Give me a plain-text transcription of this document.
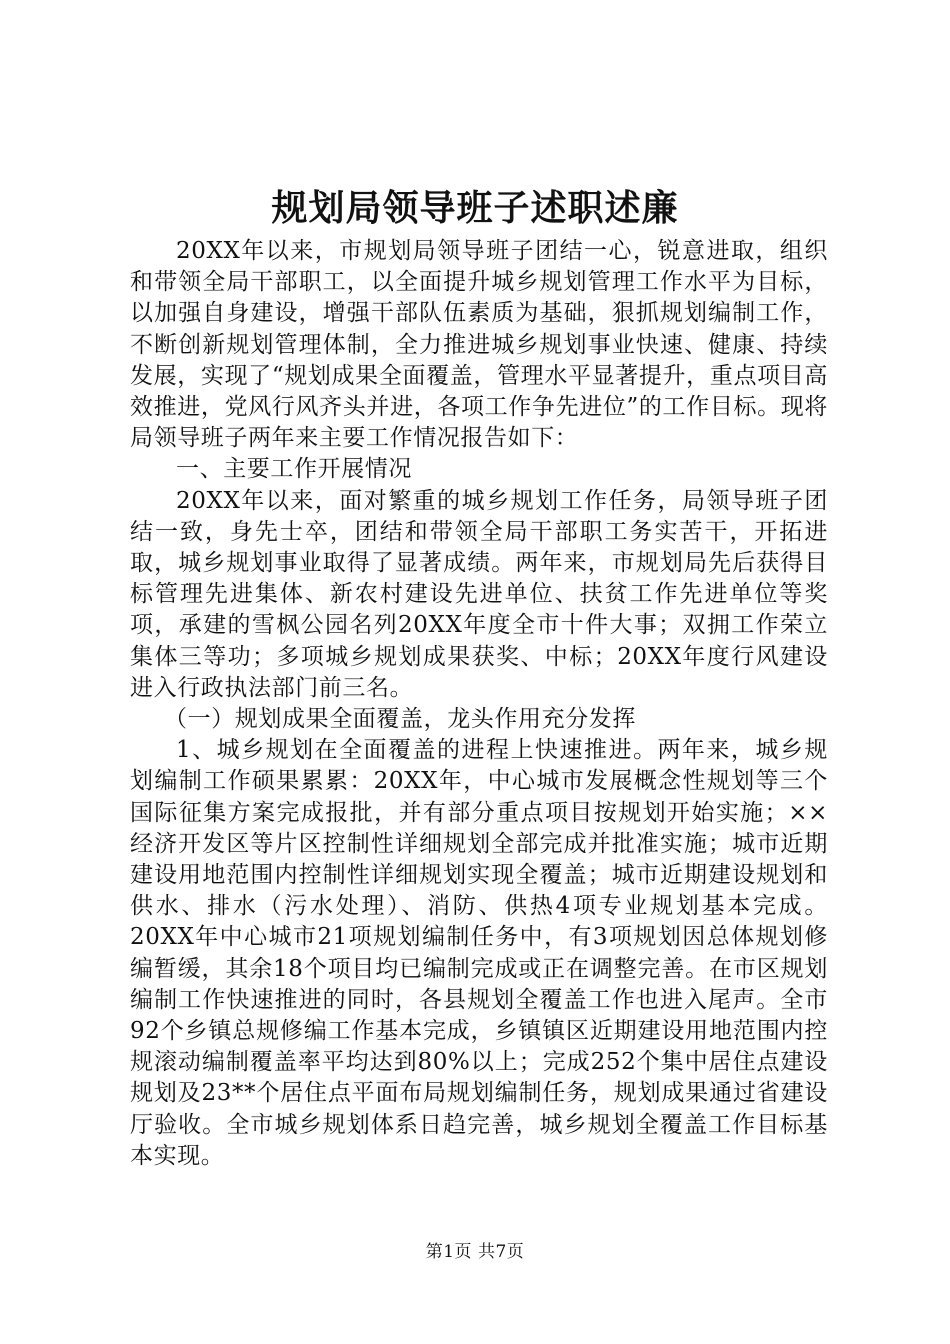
规划局领导班子述职述廉

20XX年以来，市规划局领导班子团结一心，锐意进取，组织和带领全局干部职工，以全面提升城乡规划管理工作水平为目标，以加强自身建设，增强干部队伍素质为基础，狠抓规划编制工作，不断创新规划管理体制，全力推进城乡规划事业快速、健康、持续发展，实现了“规划成果全面覆盖，管理水平显著提升，重点项目高效推进，党风行风齐头并进，各项工作争先进位”的工作目标。现将局领导班子两年来主要工作情况报告如下：

一、主要工作开展情况

20XX年以来，面对繁重的城乡规划工作任务，局领导班子团结一致，身先士卒，团结和带领全局干部职工务实苦干，开拓进取，城乡规划事业取得了显著成绩。两年来，市规划局先后获得目标管理先进集体、新农村建设先进单位、扶贫工作先进单位等奖项，承建的雪枫公园名列20XX年度全市十件大事；双拥工作荣立集体三等功；多项城乡规划成果获奖、中标；20XX年度行风建设进入行政执法部门前三名。

（一）规划成果全面覆盖，龙头作用充分发挥

1、城乡规划在全面覆盖的进程上快速推进。两年来，城乡规划编制工作硕果累累：20XX年，中心城市发展概念性规划等三个国际征集方案完成报批，并有部分重点项目按规划开始实施；××经济开发区等片区控制性详细规划全部完成并批准实施；城市近期建设用地范围内控制性详细规划实现全覆盖；城市近期建设规划和供水、排水（污水处理）、消防、供热4项专业规划基本完成。20XX年中心城市21项规划编制任务中，有3项规划因总体规划修编暂缓，其余18个项目均已编制完成或正在调整完善。在市区规划编制工作快速推进的同时，各县规划全覆盖工作也进入尾声。全市92个乡镇总规修编工作基本完成，乡镇镇区近期建设用地范围内控规滚动编制覆盖率平均达到80%以上；完成252个集中居住点建设规划及23**个居住点平面布局规划编制任务，规划成果通过省建设厅验收。全市城乡规划体系日趋完善，城乡规划全覆盖工作目标基本实现。

第1页 共7页
